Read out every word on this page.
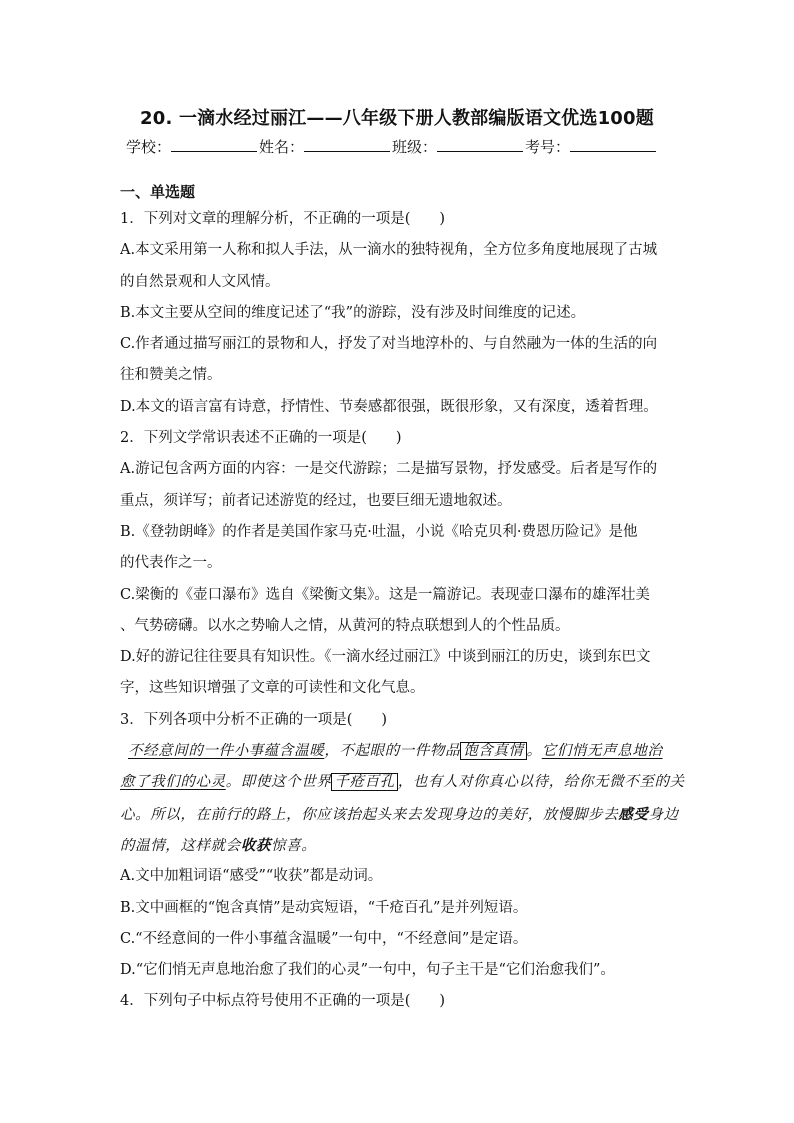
20. 一滴水经过丽江——八年级下册人教部编版语文优选100题
学校：	姓名：	班级：	考号：
一、单选题
1．下列对文章的理解分析，不正确的一项是(　　)
A.本文采用第一人称和拟人手法，从一滴水的独特视角，全方位多角度地展现了古城
的自然景观和人文风情。
B.本文主要从空间的维度记述了“我”的游踪，没有涉及时间维度的记述。
C.作者通过描写丽江的景物和人，抒发了对当地淳朴的、与自然融为一体的生活的向
往和赞美之情。
D.本文的语言富有诗意，抒情性、节奏感都很强，既很形象，又有深度，透着哲理。
2．下列文学常识表述不正确的一项是(　　)
A.游记包含两方面的内容：一是交代游踪；二是描写景物，抒发感受。后者是写作的
重点，须详写；前者记述游览的经过，也要巨细无遗地叙述。
B.《登勃朗峰》的作者是美国作家马克·吐温，小说《哈克贝利·费恩历险记》是他
的代表作之一。
C.梁衡的《壶口瀑布》选自《梁衡文集》。这是一篇游记。表现壶口瀑布的雄浑壮美
、气势磅礴。以水之势喻人之情，从黄河的特点联想到人的个性品质。
D.好的游记往往要具有知识性。《一滴水经过丽江》中谈到丽江的历史，谈到东巴文
字，这些知识增强了文章的可读性和文化气息。
3．下列各项中分析不正确的一项是(　　)
不经意间的一件小事蕴含温暖，不起眼的一件物品 饱含真情 。它们悄无声息地治
愈了我们的心灵。即使这个世界 千疮百孔 ，也有人对你真心以待，给你无微不至的关
心。所以，在前行的路上，你应该抬起头来去发现身边的美好，放慢脚步去感受身边
的温情，这样就会收获惊喜。
A.文中加粗词语“感受”“收获”都是动词。
B.文中画框的“饱含真情”是动宾短语，“千疮百孔”是并列短语。
C.“不经意间的一件小事蕴含温暖”一句中，“不经意间”是定语。
D.“它们悄无声息地治愈了我们的心灵”一句中，句子主干是“它们治愈我们”。
4．下列句子中标点符号使用不正确的一项是(　　)
